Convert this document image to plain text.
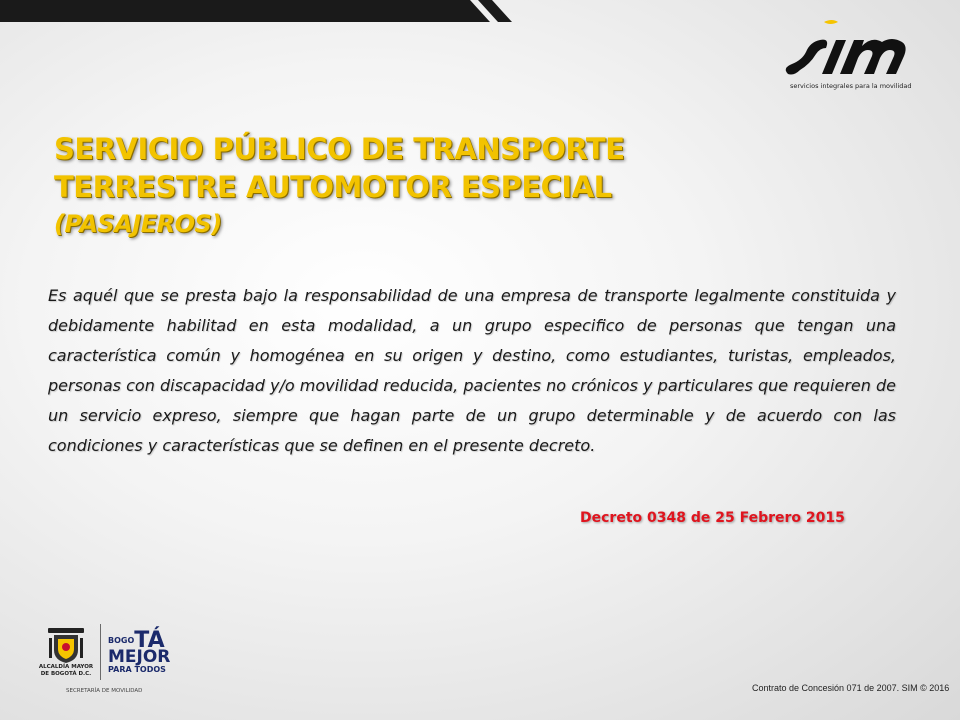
servicios integrales para la movilidad
SERVICIO PÚBLICO DE TRANSPORTE
TERRESTRE AUTOMOTOR ESPECIAL
(PASAJEROS)

Es aquél que se presta bajo la responsabilidad de una empresa de transporte legalmente constituida y debidamente habilitad en esta modalidad, a un grupo especifico de personas que tengan una característica común y homogénea en su origen y destino, como estudiantes, turistas, empleados, personas con discapacidad y/o movilidad reducida, pacientes no crónicos y particulares que requieren de un servicio expreso, siempre que hagan parte de un grupo determinable y de acuerdo con las condiciones y características que se definen en el presente decreto.

Decreto 0348 de 25 Febrero 2015

ALCALDÍA MAYOR
DE BOGOTÁ D.C.
$^{BOGO}$TÁ
MEJOR
PARA TODOS
SECRETARÍA DE MOVILIDAD	Contrato de Concesión 071 de 2007. SIM © 2016
